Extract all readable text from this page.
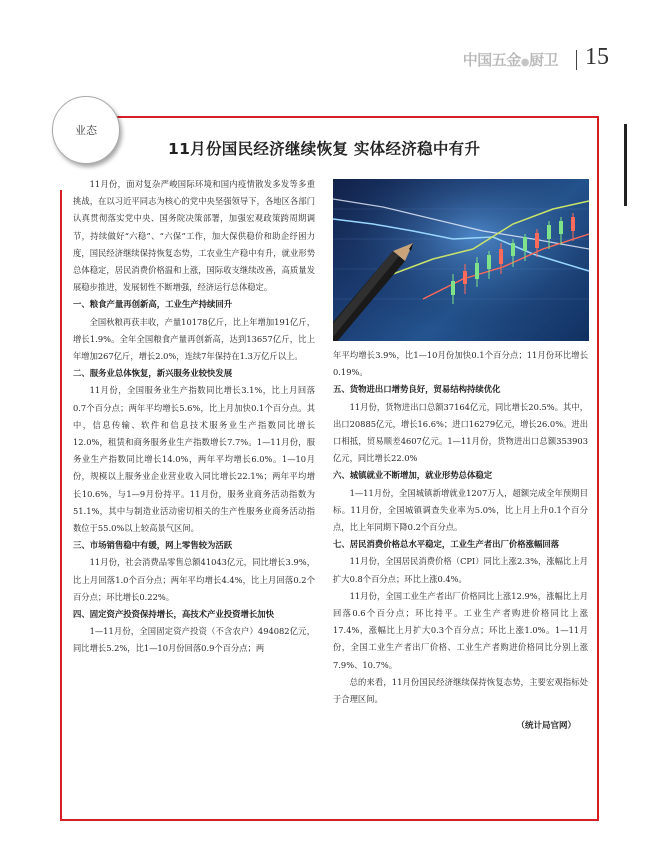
中国五金●厨卫 15
业态
11月份国民经济继续恢复 实体经济稳中有升

11月份，面对复杂严峻国际环境和国内疫情散发多发等多重挑战，在以习近平同志为核心的党中央坚强领导下，各地区各部门认真贯彻落实党中央、国务院决策部署，加强宏观政策跨周期调节，持续做好“六稳”、“六保”工作，加大保供稳价和助企纾困力度，国民经济继续保持恢复态势，工农业生产稳中有升，就业形势总体稳定，居民消费价格温和上涨，国际收支继续改善，高质量发展稳步推进，发展韧性不断增强，经济运行总体稳定。

一、粮食产量再创新高，工业生产持续回升

全国秋粮再获丰收，产量10178亿斤，比上年增加191亿斤，增长1.9%。全年全国粮食产量再创新高，达到13657亿斤，比上年增加267亿斤，增长2.0%，连续7年保持在1.3万亿斤以上。

二、服务业总体恢复，新兴服务业较快发展

11月份，全国服务业生产指数同比增长3.1%，比上月回落0.7个百分点；两年平均增长5.6%，比上月加快0.1个百分点。其中，信息传输、软件和信息技术服务业生产指数同比增长12.0%，租赁和商务服务业生产指数增长7.7%。1—11月份，服务业生产指数同比增长14.0%，两年平均增长6.0%。1—10月份，规模以上服务业企业营业收入同比增长22.1%；两年平均增长10.6%，与1—9月份持平。11月份，服务业商务活动指数为51.1%，其中与制造业活动密切相关的生产性服务业商务活动指数位于55.0%以上较高景气区间。

三、市场销售稳中有缓，网上零售较为活跃

11月份，社会消费品零售总额41043亿元，同比增长3.9%，比上月回落1.0个百分点；两年平均增长4.4%，比上月回落0.2个百分点；环比增长0.22%。

四、固定资产投资保持增长，高技术产业投资增长加快

1—11月份，全国固定资产投资（不含农户）494082亿元，同比增长5.2%，比1—10月份回落0.9个百分点；两

年平均增长3.9%，比1—10月份加快0.1个百分点；11月份环比增长0.19%。

五、货物进出口增势良好，贸易结构持续优化

11月份，货物进出口总额37164亿元，同比增长20.5%。其中，出口20885亿元，增长16.6%；进口16279亿元，增长26.0%。进出口相抵，贸易顺差4607亿元。1—11月份，货物进出口总额353903亿元，同比增长22.0%

六、城镇就业不断增加，就业形势总体稳定

1—11月份，全国城镇新增就业1207万人，超额完成全年预期目标。11月份，全国城镇调查失业率为5.0%，比上月上升0.1个百分点，比上年同期下降0.2个百分点。

七、居民消费价格总水平稳定，工业生产者出厂价格涨幅回落

11月份，全国居民消费价格（CPI）同比上涨2.3%，涨幅比上月扩大0.8个百分点；环比上涨0.4%。

11月份，全国工业生产者出厂价格同比上涨12.9%，涨幅比上月回落0.6个百分点；环比持平。工业生产者购进价格同比上涨17.4%，涨幅比上月扩大0.3个百分点；环比上涨1.0%。1—11月份，全国工业生产者出厂价格、工业生产者购进价格同比分别上涨7.9%、10.7%。

总的来看，11月份国民经济继续保持恢复态势，主要宏观指标处于合理区间。

（统计局官网）
